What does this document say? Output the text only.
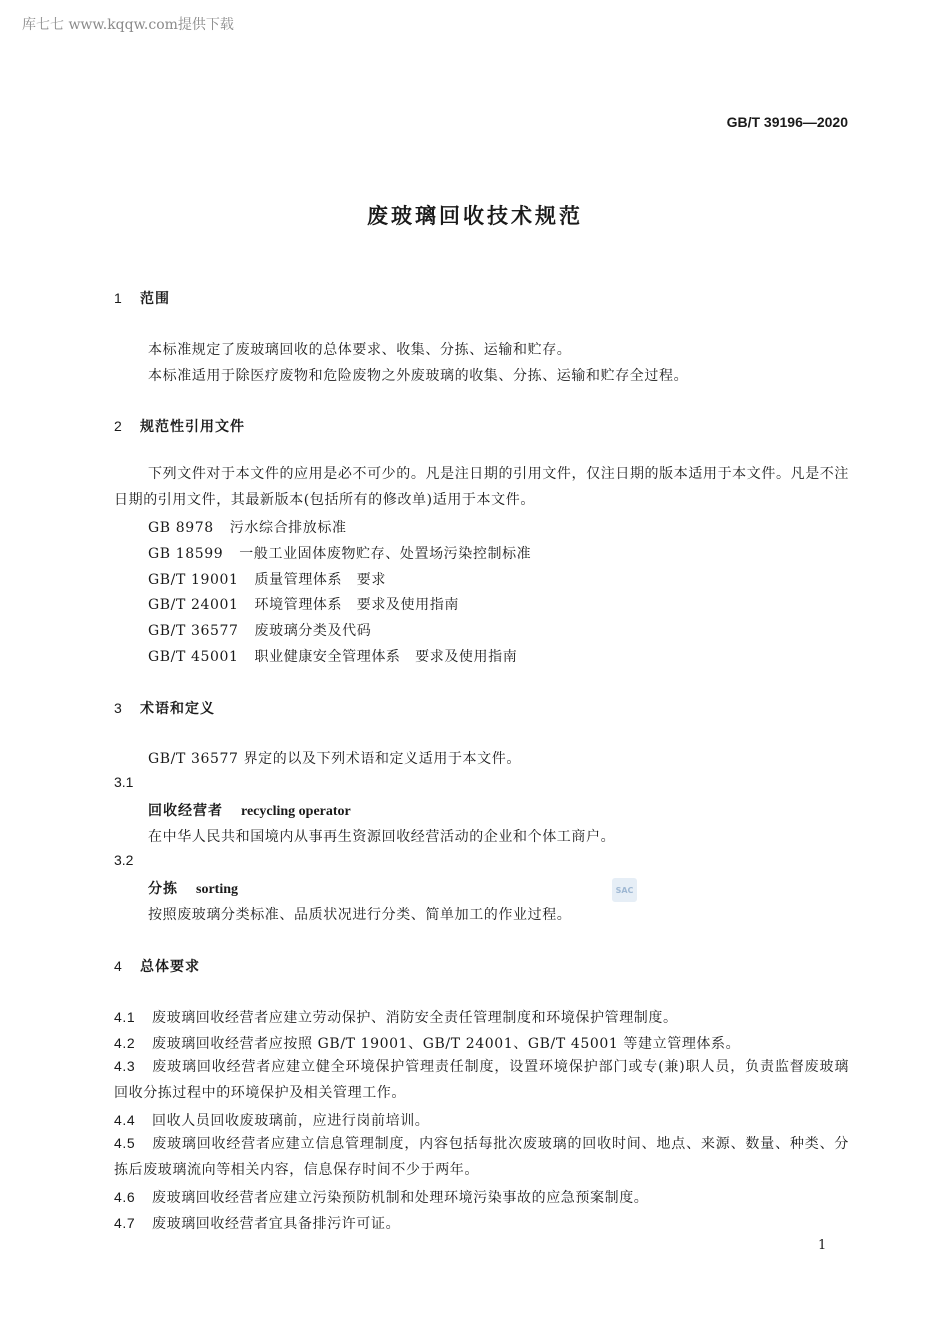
库七七 www.kqqw.com提供下载
GB/T 39196—2020
废玻璃回收技术规范
1 范围
本标准规定了废玻璃回收的总体要求、收集、分拣、运输和贮存。
本标准适用于除医疗废物和危险废物之外废玻璃的收集、分拣、运输和贮存全过程。
2 规范性引用文件
下列文件对于本文件的应用是必不可少的。凡是注日期的引用文件，仅注日期的版本适用于本文件。凡是不注日期的引用文件，其最新版本(包括所有的修改单)适用于本文件。
GB 8978 污水综合排放标准
GB 18599 一般工业固体废物贮存、处置场污染控制标准
GB/T 19001 质量管理体系　要求
GB/T 24001 环境管理体系　要求及使用指南
GB/T 36577 废玻璃分类及代码
GB/T 45001 职业健康安全管理体系　要求及使用指南
3 术语和定义
GB/T 36577 界定的以及下列术语和定义适用于本文件。
3.1
回收经营者 recycling operator
在中华人民共和国境内从事再生资源回收经营活动的企业和个体工商户。
3.2
分拣 sorting
按照废玻璃分类标准、品质状况进行分类、简单加工的作业过程。
SAC
4 总体要求
4.1 废玻璃回收经营者应建立劳动保护、消防安全责任管理制度和环境保护管理制度。
4.2 废玻璃回收经营者应按照 GB/T 19001、GB/T 24001、GB/T 45001 等建立管理体系。
4.3 废玻璃回收经营者应建立健全环境保护管理责任制度，设置环境保护部门或专(兼)职人员，负责监督废玻璃回收分拣过程中的环境保护及相关管理工作。
4.4 回收人员回收废玻璃前，应进行岗前培训。
4.5 废玻璃回收经营者应建立信息管理制度，内容包括每批次废玻璃的回收时间、地点、来源、数量、种类、分拣后废玻璃流向等相关内容，信息保存时间不少于两年。
4.6 废玻璃回收经营者应建立污染预防机制和处理环境污染事故的应急预案制度。
4.7 废玻璃回收经营者宜具备排污许可证。
1
